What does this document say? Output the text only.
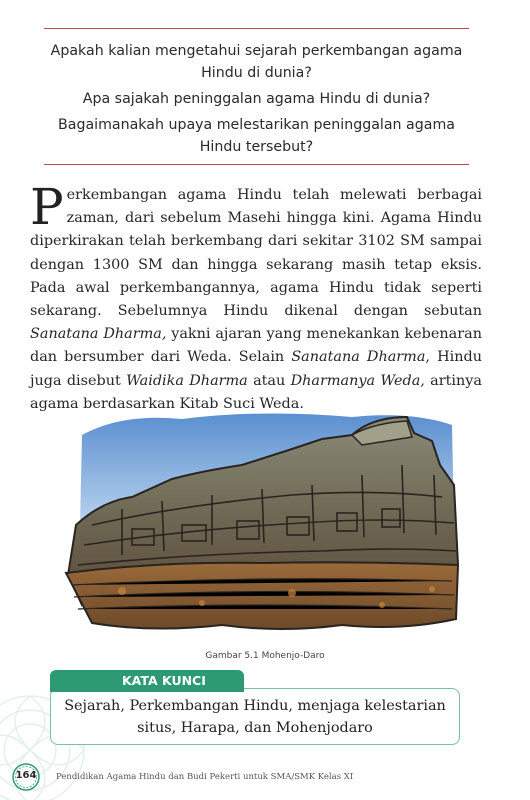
Apakah kalian mengetahui sejarah perkembangan agama Hindu di dunia?

Apa sajakah peninggalan agama Hindu di dunia?

Bagaimanakah upaya melestarikan peninggalan agama Hindu tersebut?

Perkembangan agama Hindu telah melewati berbagai zaman, dari sebelum Masehi hingga kini. Agama Hindu diperkirakan telah berkembang dari sekitar 3102 SM sampai dengan 1300 SM dan hingga sekarang masih tetap eksis. Pada awal perkembangannya, agama Hindu tidak seperti sekarang. Sebelumnya Hindu dikenal dengan sebutan Sanatana Dharma, yakni ajaran yang menekankan kebenaran dan bersumber dari Weda. Selain Sanatana Dharma, Hindu juga disebut Waidika Dharma atau Dharmanya Weda, artinya agama berdasarkan Kitab Suci Weda.
Gambar 5.1 Mohenjo-Daro

Sejarah, Perkembangan Hindu, menjaga kelestarian

situs, Harapa, dan Mohenjodaro

KATA KUNCI
164	Pendidikan Agama Hindu dan Budi Pekerti untuk SMA/SMK Kelas XI
